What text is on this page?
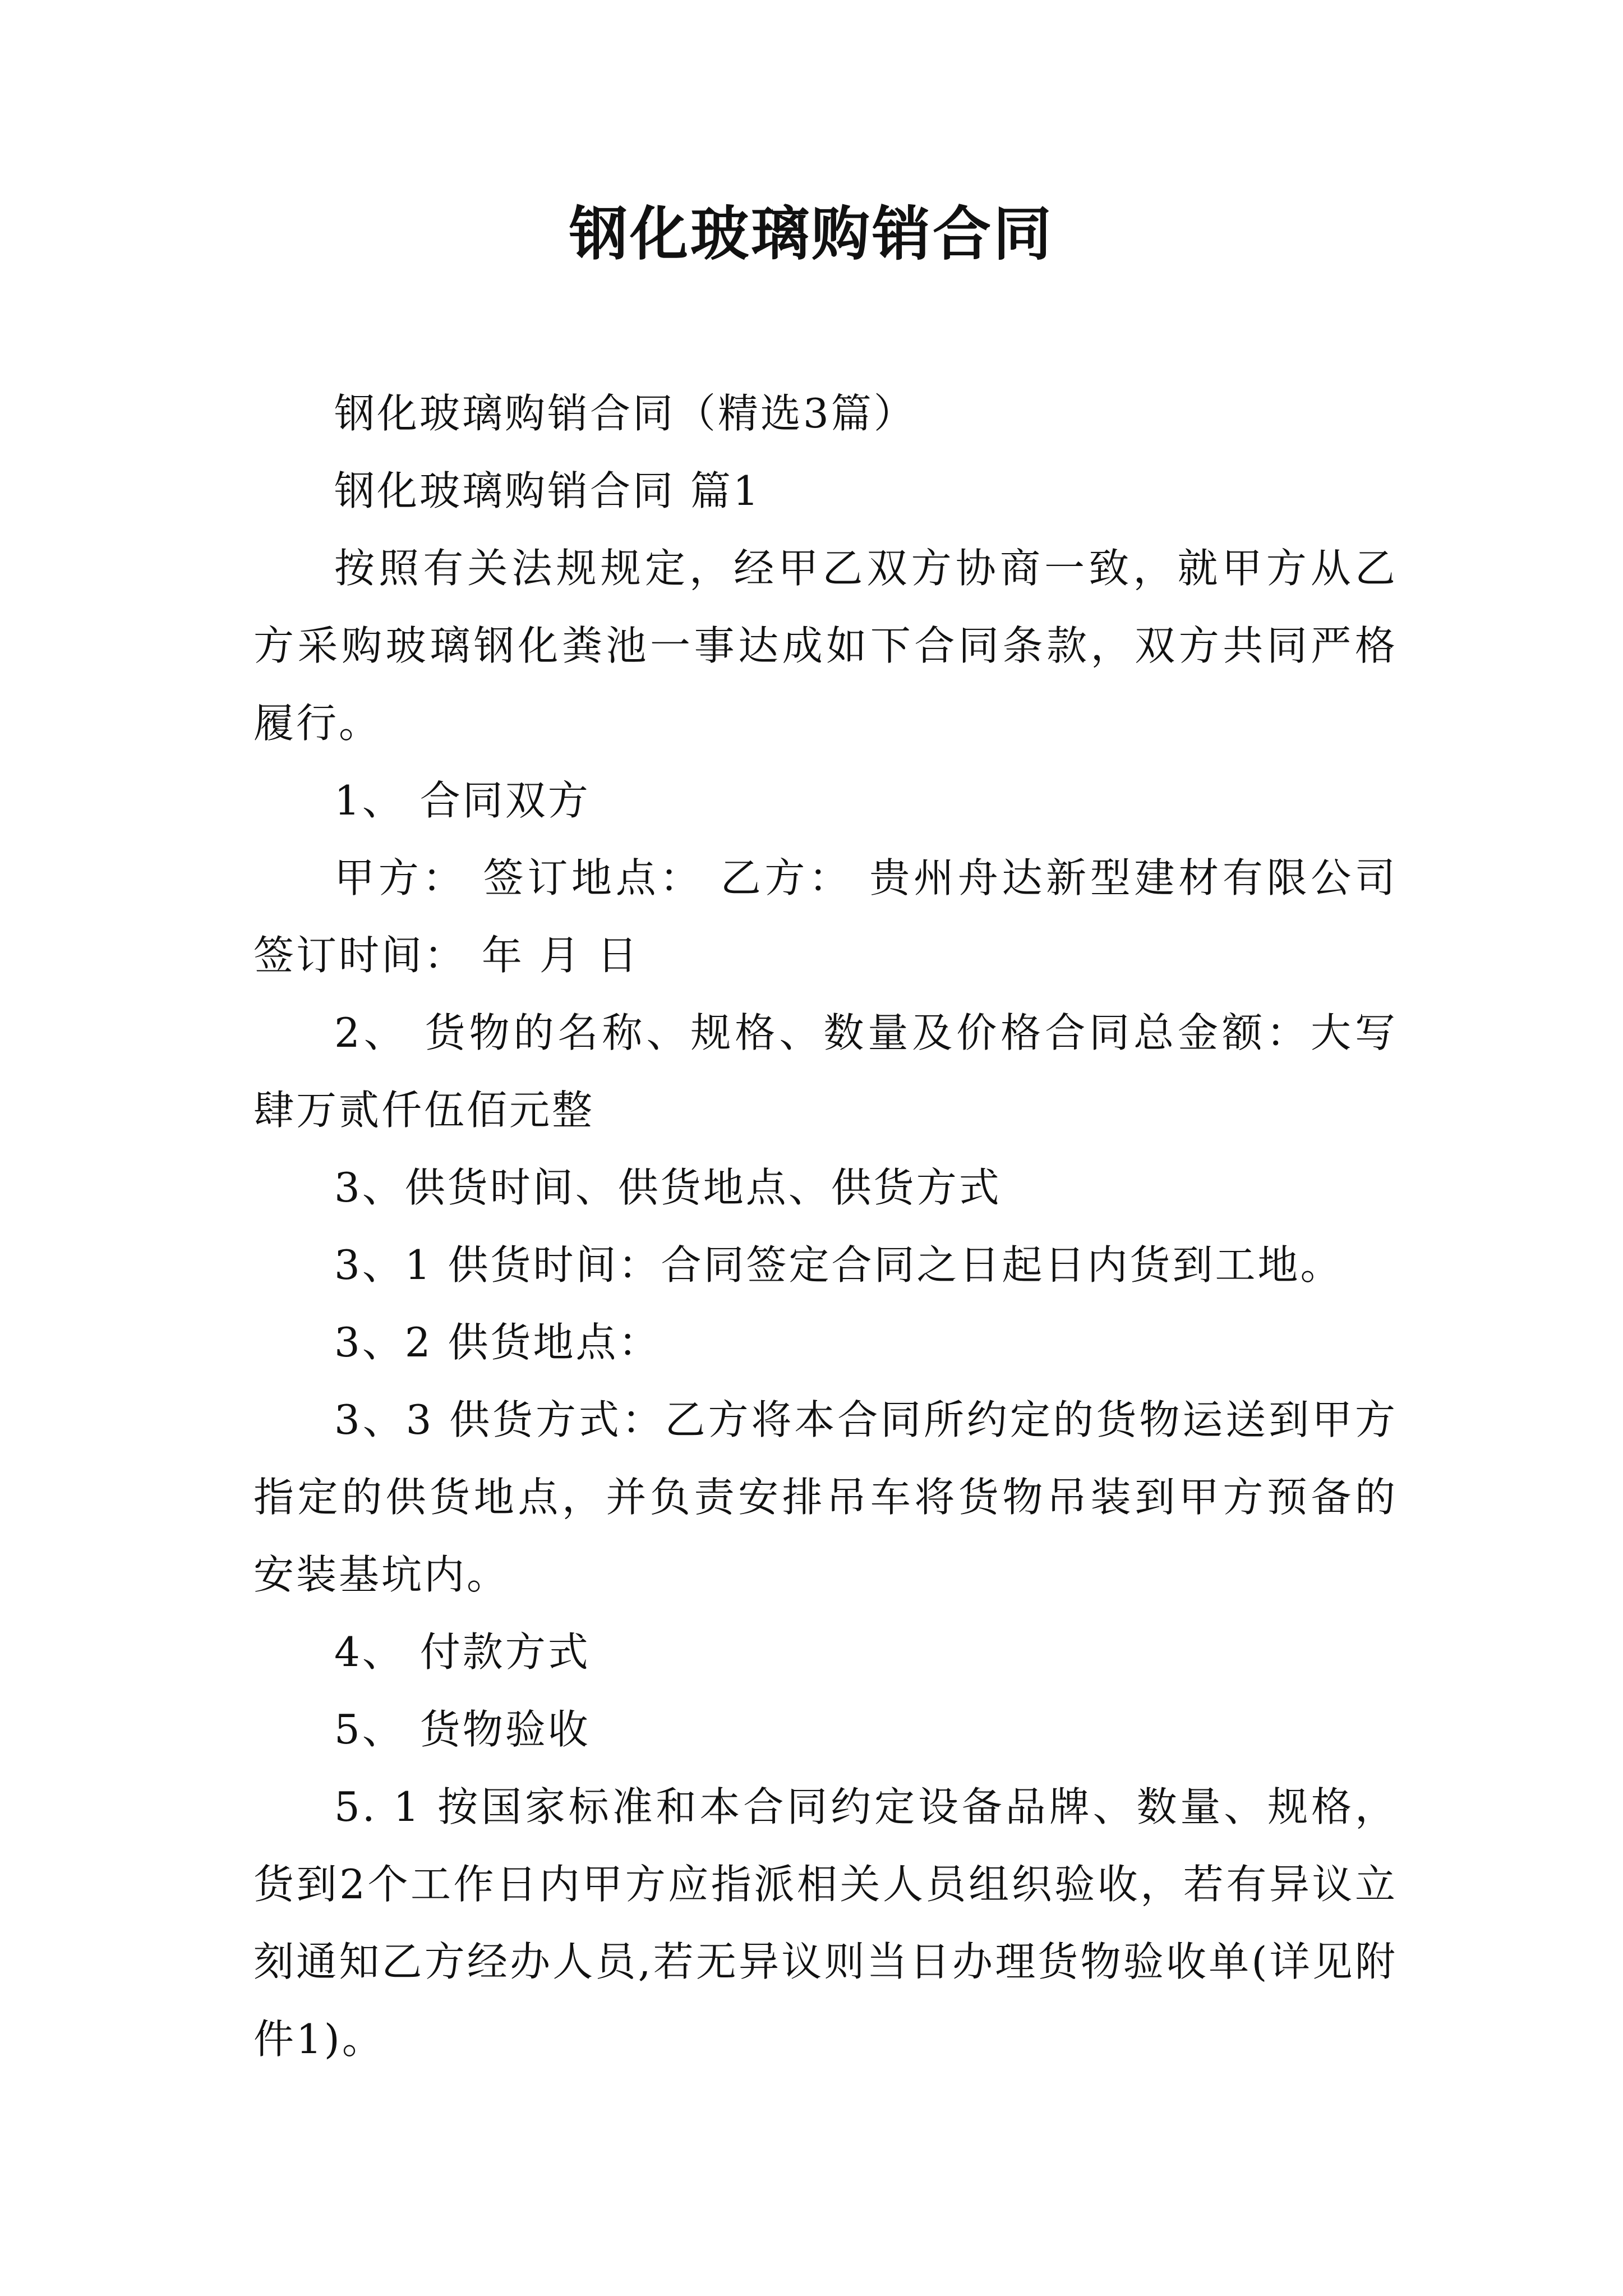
钢化玻璃购销合同

钢化玻璃购销合同（精选3篇）

钢化玻璃购销合同 篇1

按照有关法规规定，经甲乙双方协商一致，就甲方从乙方采购玻璃钢化粪池一事达成如下合同条款，双方共同严格履行。

1、 合同双方

甲方： 签订地点： 乙方： 贵州舟达新型建材有限公司 签订时间： 年 月 日

2、 货物的名称、规格、数量及价格合同总金额：大写肆万贰仟伍佰元整

3、供货时间、供货地点、供货方式

3、1 供货时间：合同签定合同之日起日内货到工地。

3、2 供货地点：

3、3 供货方式：乙方将本合同所约定的货物运送到甲方指定的供货地点，并负责安排吊车将货物吊装到甲方预备的安装基坑内。

4、 付款方式

5、 货物验收

5. 1 按国家标准和本合同约定设备品牌、数量、规格，货到2个工作日内甲方应指派相关人员组织验收，若有异议立刻通知乙方经办人员,若无异议则当日办理货物验收单(详见附件1)。
